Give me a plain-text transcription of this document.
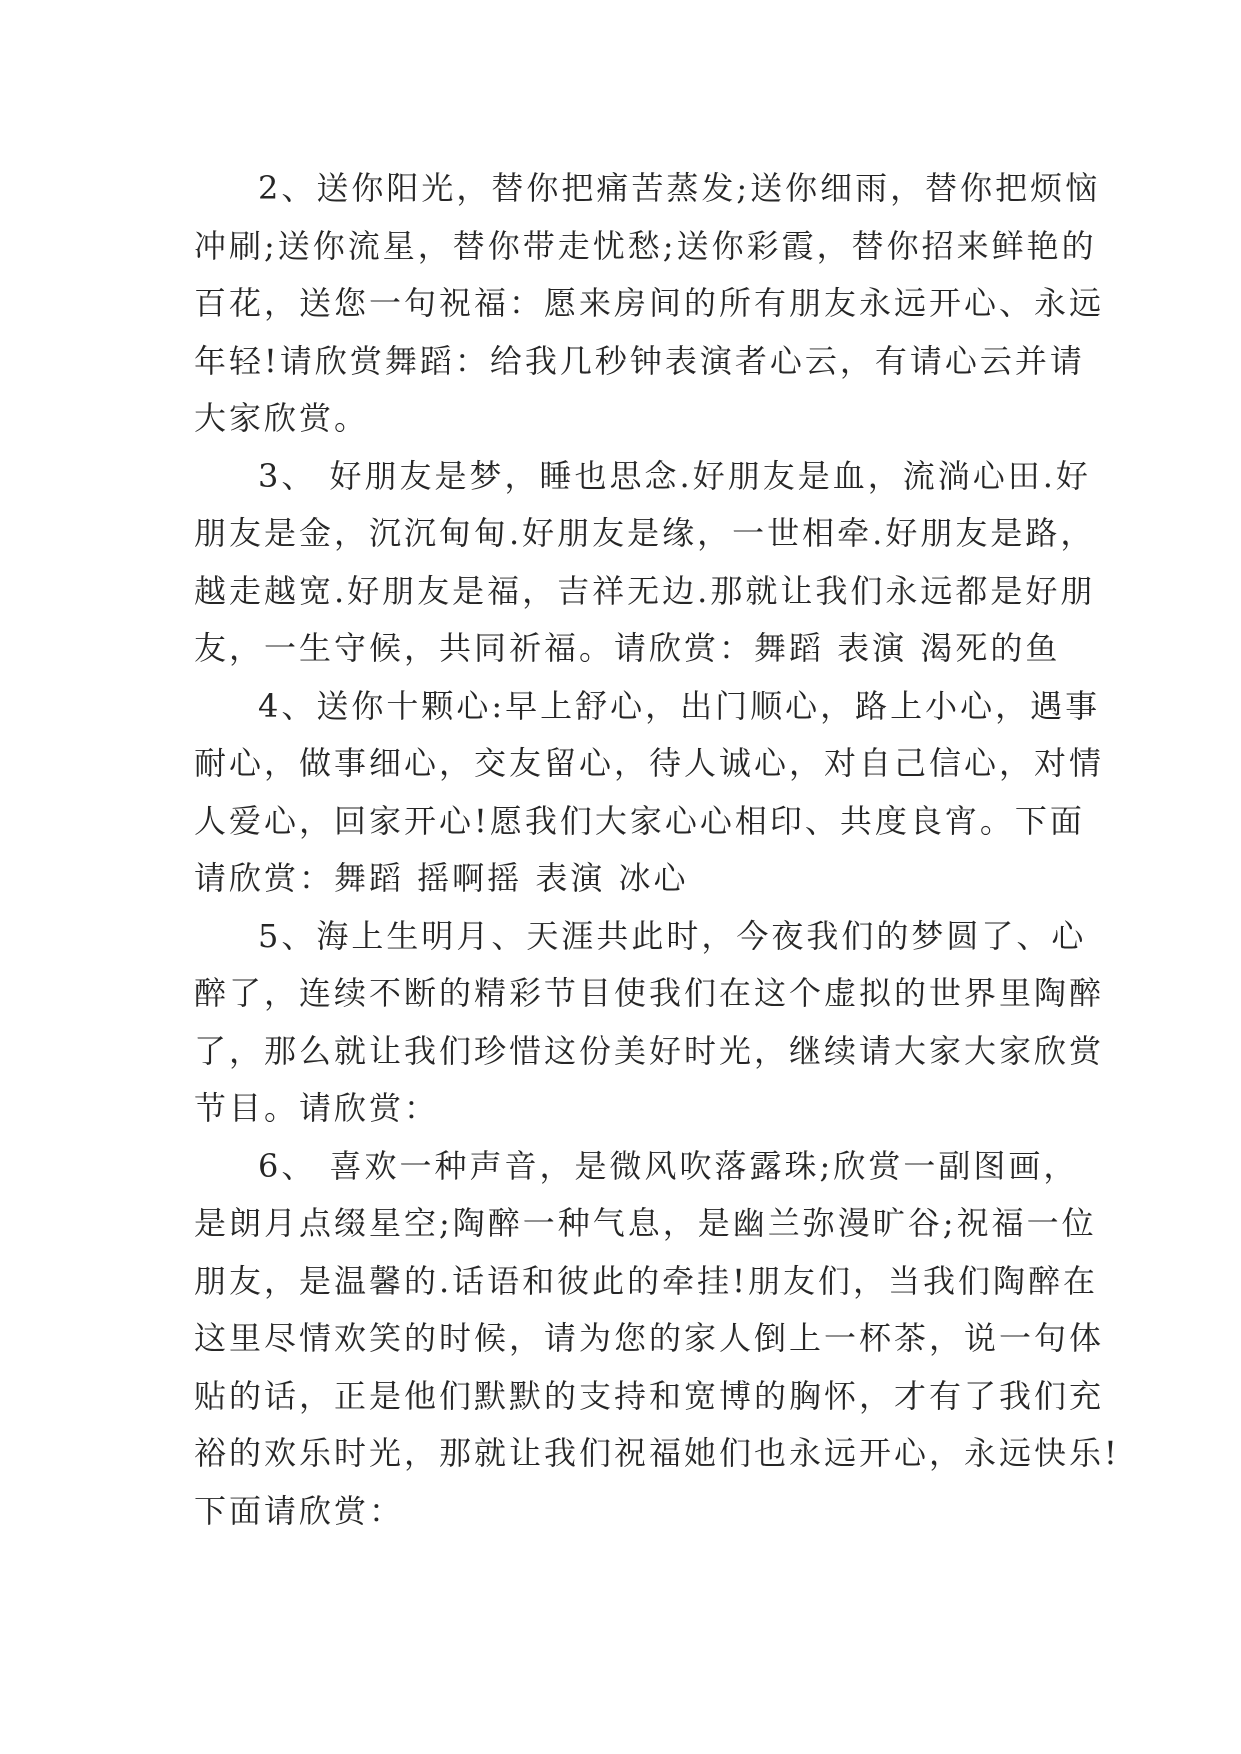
2、送你阳光，替你把痛苦蒸发;送你细雨，替你把烦恼
冲刷;送你流星，替你带走忧愁;送你彩霞，替你招来鲜艳的
百花，送您一句祝福：愿来房间的所有朋友永远开心、永远
年轻!请欣赏舞蹈：给我几秒钟表演者心云，有请心云并请
大家欣赏。

3、 好朋友是梦，睡也思念.好朋友是血，流淌心田.好
朋友是金，沉沉甸甸.好朋友是缘，一世相牵.好朋友是路，
越走越宽.好朋友是福，吉祥无边.那就让我们永远都是好朋
友，一生守候，共同祈福。请欣赏：舞蹈 表演 渴死的鱼

4、送你十颗心:早上舒心，出门顺心，路上小心，遇事
耐心，做事细心，交友留心，待人诚心，对自己信心，对情
人爱心，回家开心!愿我们大家心心相印、共度良宵。下面
请欣赏：舞蹈 摇啊摇 表演 冰心

5、海上生明月、天涯共此时，今夜我们的梦圆了、心
醉了，连续不断的精彩节目使我们在这个虚拟的世界里陶醉
了，那么就让我们珍惜这份美好时光，继续请大家大家欣赏
节目。请欣赏：

6、 喜欢一种声音，是微风吹落露珠;欣赏一副图画，
是朗月点缀星空;陶醉一种气息，是幽兰弥漫旷谷;祝福一位
朋友，是温馨的.话语和彼此的牵挂!朋友们，当我们陶醉在
这里尽情欢笑的时候，请为您的家人倒上一杯茶，说一句体
贴的话，正是他们默默的支持和宽博的胸怀，才有了我们充
裕的欢乐时光，那就让我们祝福她们也永远开心，永远快乐!
下面请欣赏：
